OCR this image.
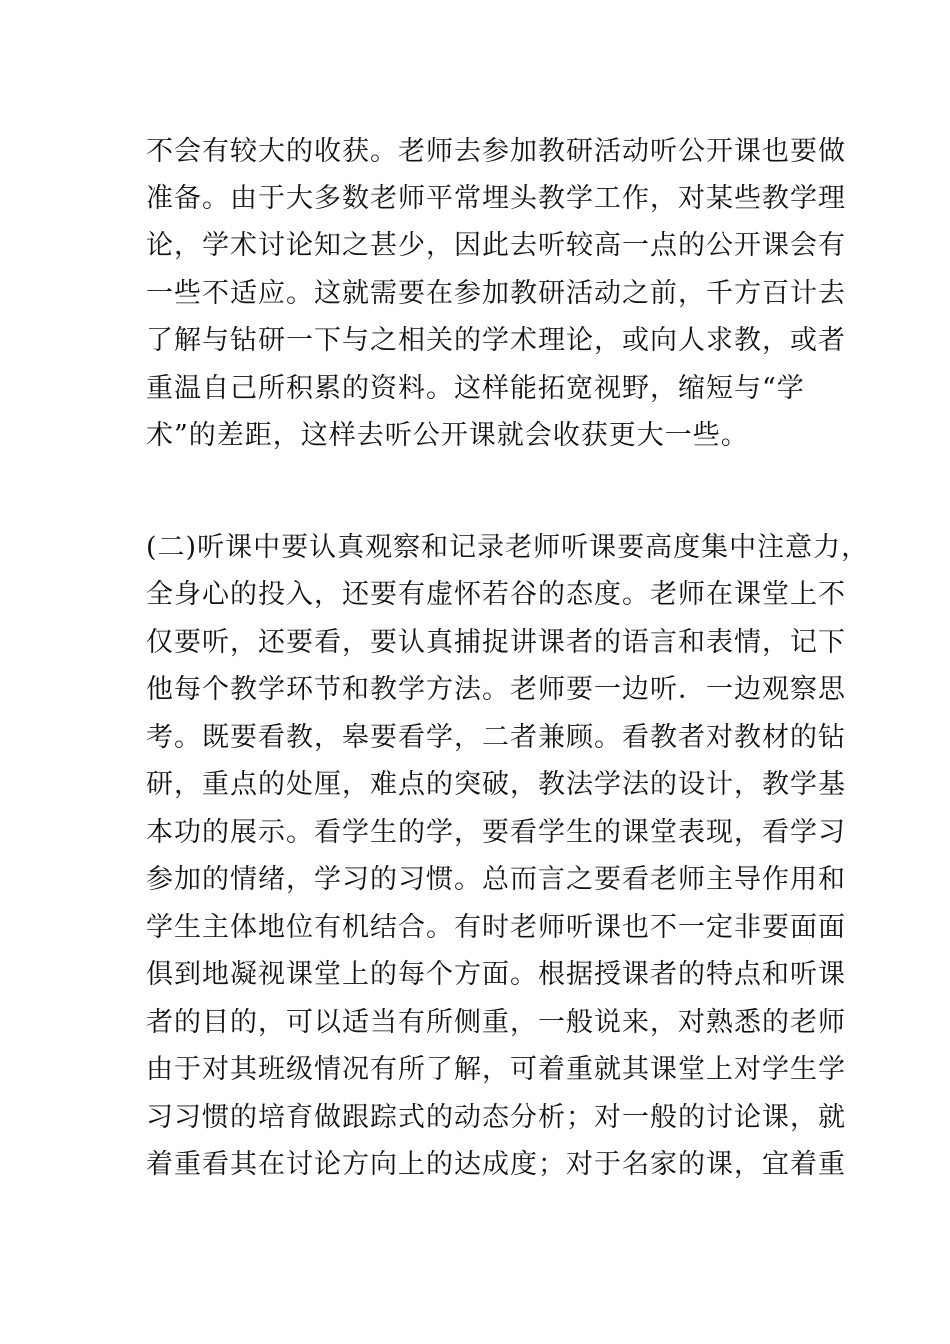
不会有较大的收获。老师去参加教研活动听公开课也要做
准备。由于大多数老师平常埋头教学工作，对某些教学理
论，学术讨论知之甚少，因此去听较高一点的公开课会有
一些不适应。这就需要在参加教研活动之前，千方百计去
了解与钻研一下与之相关的学术理论，或向人求教，或者
重温自己所积累的资料。这样能拓宽视野，缩短与“学
术”的差距，这样去听公开课就会收获更大一些。
(二)听课中要认真观察和记录老师听课要高度集中注意力，
全身心的投入，还要有虚怀若谷的态度。老师在课堂上不
仅要听，还要看，要认真捕捉讲课者的语言和表情，记下
他每个教学环节和教学方法。老师要一边听．一边观察思
考。既要看教，皋要看学，二者兼顾。看教者对教材的钻
研，重点的处厘，难点的突破，教法学法的设计，教学基
本功的展示。看学生的学，要看学生的课堂表现，看学习
参加的情绪，学习的习惯。总而言之要看老师主导作用和
学生主体地位有机结合。有时老师听课也不一定非要面面
俱到地凝视课堂上的每个方面。根据授课者的特点和听课
者的目的，可以适当有所侧重，一般说来，对熟悉的老师
由于对其班级情况有所了解，可着重就其课堂上对学生学
习习惯的培育做跟踪式的动态分析；对一般的讨论课，就
着重看其在讨论方向上的达成度；对于名家的课，宜着重
